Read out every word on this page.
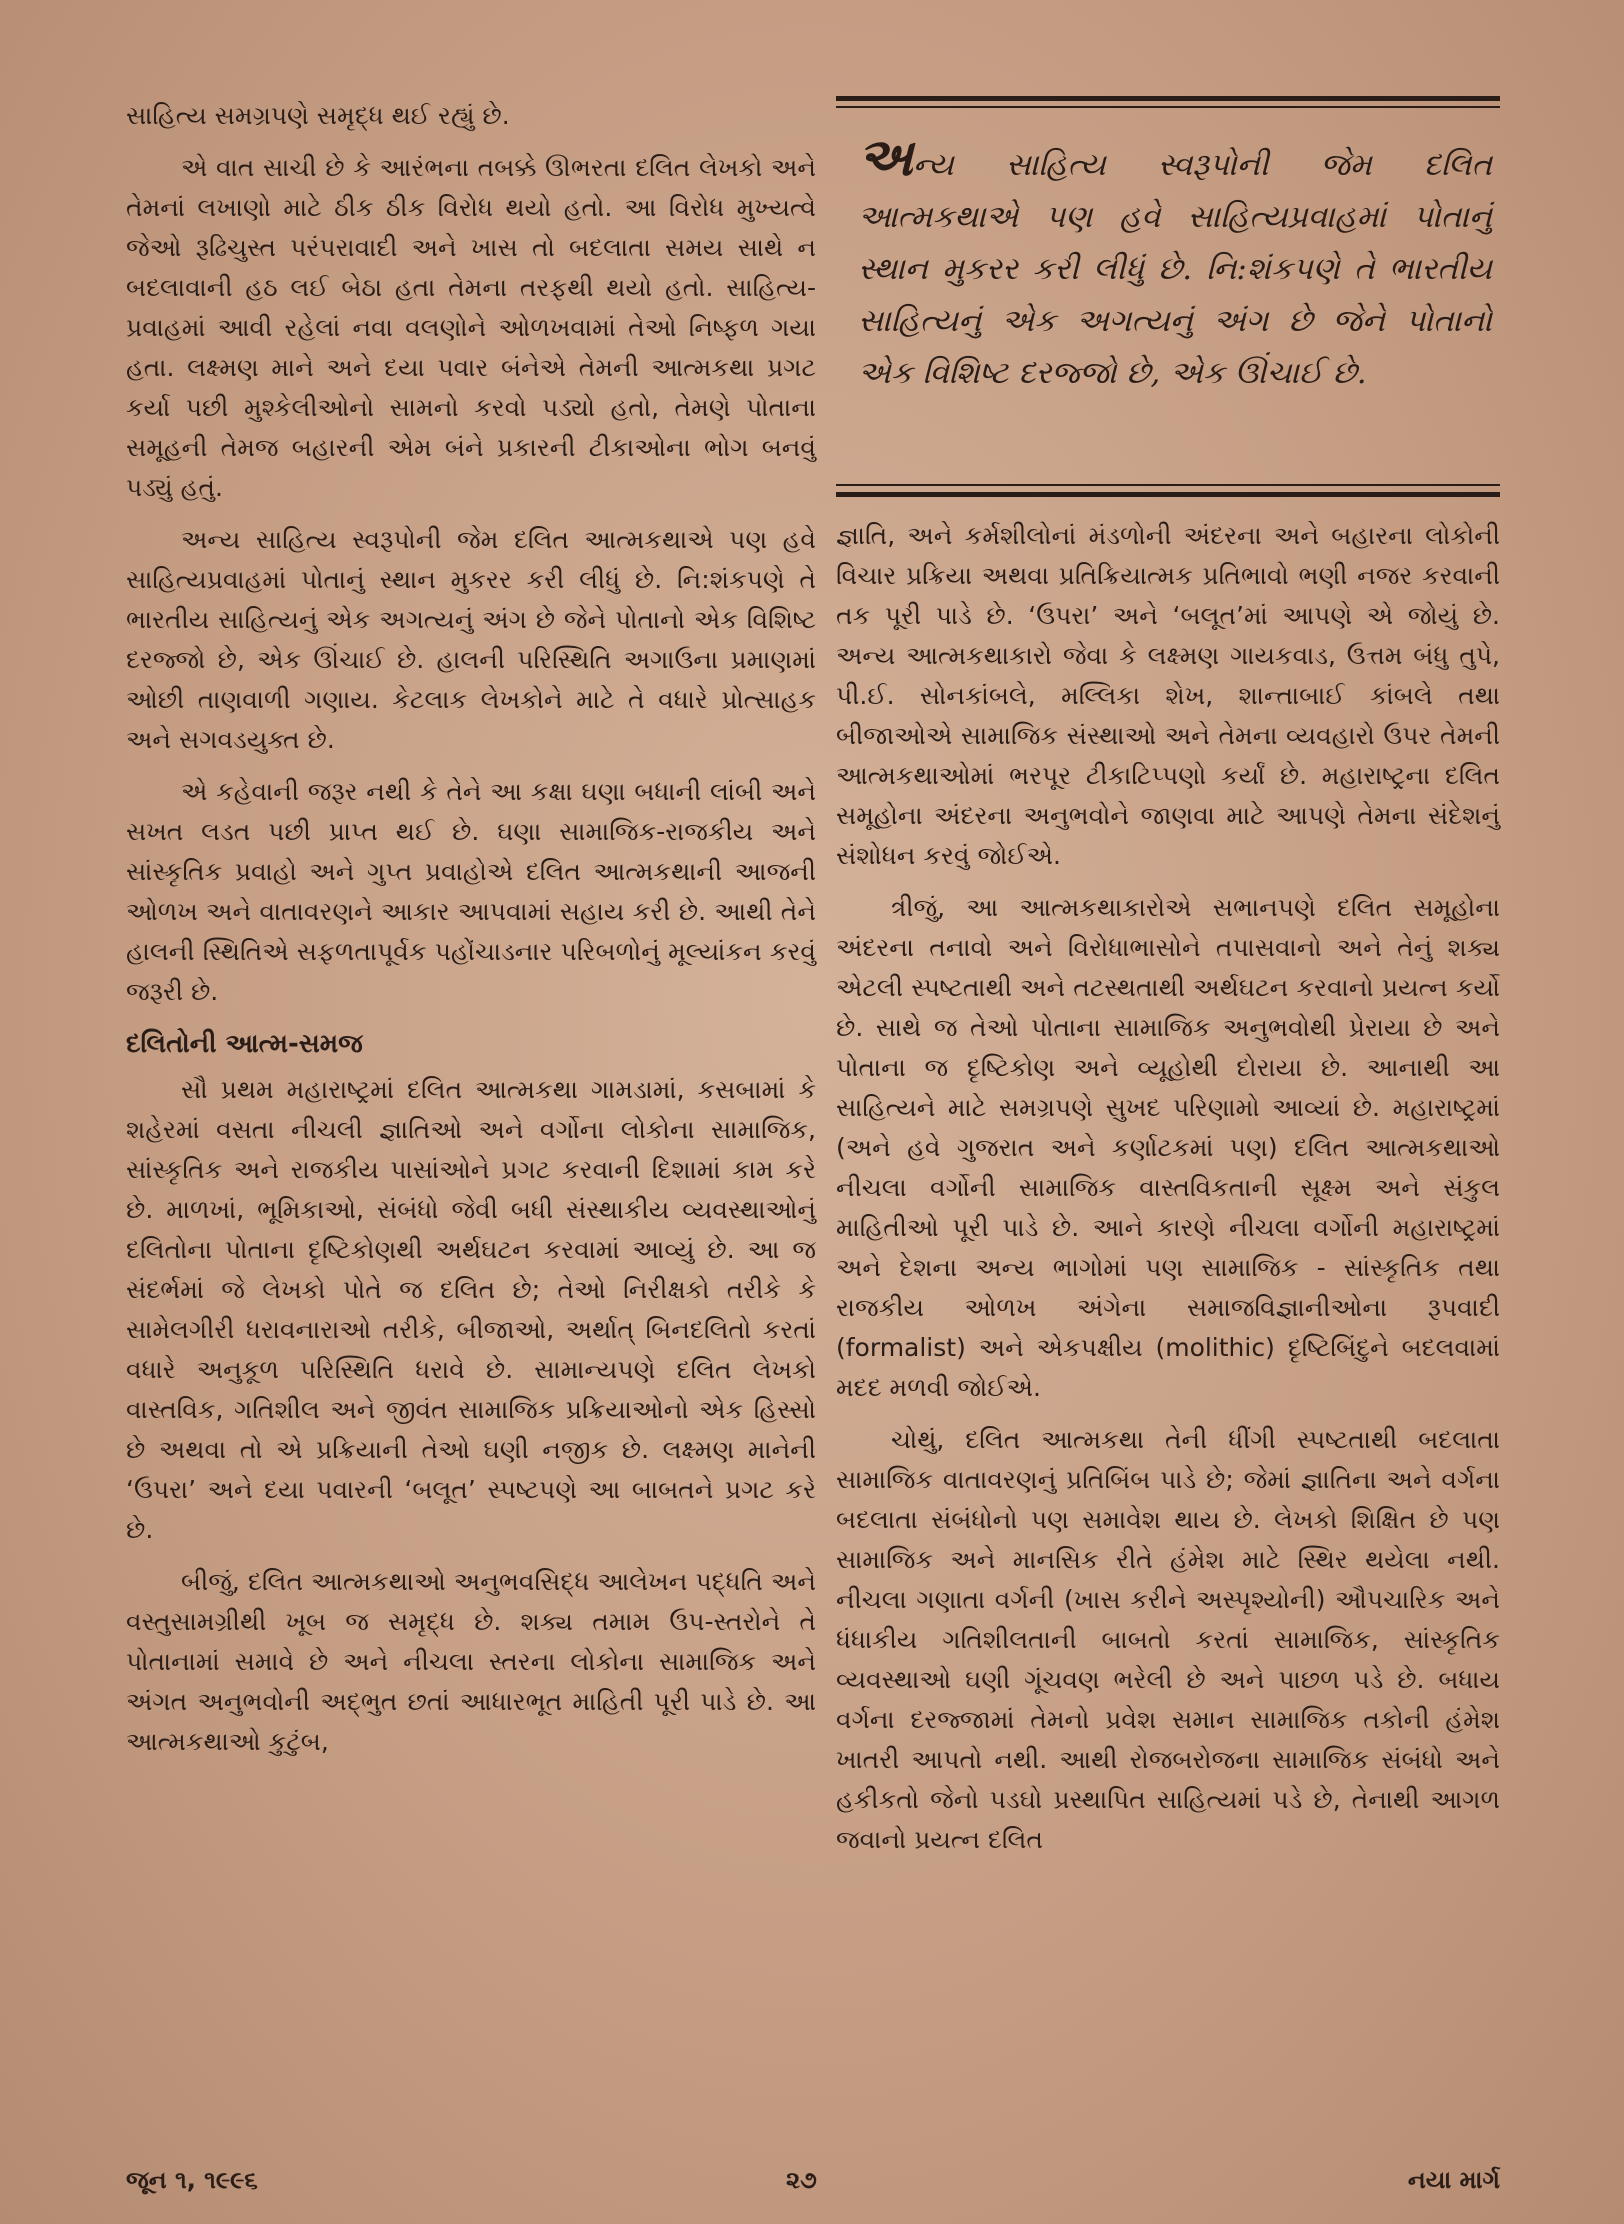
સાહિત્ય સમગ્રપણે સમૃદ્ધ થઈ રહ્યું છે.

એ વાત સાચી છે કે આરંભના તબક્કે ઊભરતા દલિત લેખકો અને તેમનાં લખાણો માટે ઠીક ઠીક વિરોધ થયો હતો. આ વિરોધ મુખ્યત્વે જેઓ રૂઢિચુસ્ત પરંપરાવાદી અને ખાસ તો બદલાતા સમય સાથે ન બદલાવાની હઠ લઈ બેઠા હતા તેમના તરફથી થયો હતો. સાહિત્ય-પ્રવાહમાં આવી રહેલાં નવા વલણોને ઓળખવામાં તેઓ નિષ્ફળ ગયા હતા. લક્ષ્મણ માને અને દયા પવાર બંનેએ તેમની આત્મકથા પ્રગટ કર્યા પછી મુશ્કેલીઓનો સામનો કરવો પડ્યો હતો, તેમણે પોતાના સમૂહની તેમજ બહારની એમ બંને પ્રકારની ટીકાઓના ભોગ બનવું પડ્યું હતું.

અન્ય સાહિત્ય સ્વરૂપોની જેમ દલિત આત્મકથાએ પણ હવે સાહિત્યપ્રવાહમાં પોતાનું સ્થાન મુકરર કરી લીધું છે. નિ:શંકપણે તે ભારતીય સાહિત્યનું એક અગત્યનું અંગ છે જેને પોતાનો એક વિશિષ્ટ દરજ્જો છે, એક ઊંચાઈ છે. હાલની પરિસ્થિતિ અગાઉના પ્રમાણમાં ઓછી તાણવાળી ગણાય. કેટલાક લેખકોને માટે તે વધારે પ્રોત્સાહક અને સગવડયુક્ત છે.

એ કહેવાની જરૂર નથી કે તેને આ કક્ષા ઘણા બધાની લાંબી અને સખત લડત પછી પ્રાપ્ત થઈ છે. ઘણા સામાજિક-રાજકીય અને સાંસ્કૃતિક પ્રવાહો અને ગુપ્ત પ્રવાહોએ દલિત આત્મકથાની આજની ઓળખ અને વાતાવરણને આકાર આપવામાં સહાય કરી છે. આથી તેને હાલની સ્થિતિએ સફળતાપૂર્વક પહોંચાડનાર પરિબળોનું મૂલ્યાંકન કરવું જરૂરી છે.

દલિતોની આત્મ-સમજ

સૌ પ્રથમ મહારાષ્ટ્રમાં દલિત આત્મકથા ગામડામાં, કસબામાં કે શહેરમાં વસતા નીચલી જ્ઞાતિઓ અને વર્ગોના લોકોના સામાજિક, સાંસ્કૃતિક અને રાજકીય પાસાંઓને પ્રગટ કરવાની દિશામાં કામ કરે છે. માળખાં, ભૂમિકાઓ, સંબંધો જેવી બધી સંસ્થાકીય વ્યવસ્થાઓનું દલિતોના પોતાના દૃષ્ટિકોણથી અર્થઘટન કરવામાં આવ્યું છે. આ જ સંદર્ભમાં જે લેખકો પોતે જ દલિત છે; તેઓ નિરીક્ષકો તરીકે કે સામેલગીરી ધરાવનારાઓ તરીકે, બીજાઓ, અર્થાત્ બિનદલિતો કરતાં વધારે અનુકૂળ પરિસ્થિતિ ધરાવે છે. સામાન્યપણે દલિત લેખકો વાસ્તવિક, ગતિશીલ અને જીવંત સામાજિક પ્રક્રિયાઓનો એક હિસ્સો છે અથવા તો એ પ્રક્રિયાની તેઓ ઘણી નજીક છે. લક્ષ્મણ માનેની ‘ઉપરા’ અને દયા પવારની ‘બલૂત’ સ્પષ્ટપણે આ બાબતને પ્રગટ કરે છે.

બીજું, દલિત આત્મકથાઓ અનુભવસિદ્ધ આલેખન પદ્ધતિ અને વસ્તુસામગ્રીથી ખૂબ જ સમૃદ્ધ છે. શક્ય તમામ ઉપ-સ્તરોને તે પોતાનામાં સમાવે છે અને નીચલા સ્તરના લોકોના સામાજિક અને અંગત અનુભવોની અદ્ભુત છતાં આધારભૂત માહિતી પૂરી પાડે છે. આ આત્મકથાઓ કુટુંબ,

અન્ય સાહિત્ય સ્વરૂપોની જેમ દલિત આત્મકથાએ પણ હવે સાહિત્યપ્રવાહમાં પોતાનું સ્થાન મુકરર કરી લીધું છે. નિ:શંકપણે તે ભારતીય સાહિત્યનું એક અગત્યનું અંગ છે જેને પોતાનો એક વિશિષ્ટ દરજ્જો છે, એક ઊંચાઈ છે.

જ્ઞાતિ, અને કર્મશીલોનાં મંડળોની અંદરના અને બહારના લોકોની વિચાર પ્રક્રિયા અથવા પ્રતિક્રિયાત્મક પ્રતિભાવો ભણી નજર કરવાની તક પૂરી પાડે છે. ‘ઉપરા’ અને ‘બલૂત’માં આપણે એ જોયું છે. અન્ય આત્મકથાકારો જેવા કે લક્ષ્મણ ગાયકવાડ, ઉત્તમ બંધુ તુપે, પી.ઈ. સોનકાંબલે, મલ્લિકા શેખ, શાન્તાબાઈ કાંબલે તથા બીજાઓએ સામાજિક સંસ્થાઓ અને તેમના વ્યવહારો ઉપર તેમની આત્મકથાઓમાં ભરપૂર ટીકાટિપ્પણો કર્યાં છે. મહારાષ્ટ્રના દલિત સમૂહોના અંદરના અનુભવોને જાણવા માટે આપણે તેમના સંદેશનું સંશોધન કરવું જોઈએ.

ત્રીજું, આ આત્મકથાકારોએ સભાનપણે દલિત સમૂહોના અંદરના તનાવો અને વિરોધાભાસોને તપાસવાનો અને તેનું શક્ય એટલી સ્પષ્ટતાથી અને તટસ્થતાથી અર્થઘટન કરવાનો પ્રયત્ન કર્યો છે. સાથે જ તેઓ પોતાના સામાજિક અનુભવોથી પ્રેરાયા છે અને પોતાના જ દૃષ્ટિકોણ અને વ્યૂહોથી દોરાયા છે. આનાથી આ સાહિત્યને માટે સમગ્રપણે સુખદ પરિણામો આવ્યાં છે. મહારાષ્ટ્રમાં (અને હવે ગુજરાત અને કર્ણાટકમાં પણ) દલિત આત્મકથાઓ નીચલા વર્ગોની સામાજિક વાસ્તવિકતાની સૂક્ષ્મ અને સંકુલ માહિતીઓ પૂરી પાડે છે. આને કારણે નીચલા વર્ગોની મહારાષ્ટ્રમાં અને દેશના અન્ય ભાગોમાં પણ સામાજિક - સાંસ્કૃતિક તથા રાજકીય ઓળખ અંગેના સમાજવિજ્ઞાનીઓના રૂપવાદી (formalist) અને એકપક્ષીય (molithic) દૃષ્ટિબિંદુને બદલવામાં મદદ મળવી જોઈએ.

ચોથું, દલિત આત્મકથા તેની ધીંગી સ્પષ્ટતાથી બદલાતા સામાજિક વાતાવરણનું પ્રતિબિંબ પાડે છે; જેમાં જ્ઞાતિના અને વર્ગના બદલાતા સંબંધોનો પણ સમાવેશ થાય છે. લેખકો શિક્ષિત છે પણ સામાજિક અને માનસિક રીતે હંમેશ માટે સ્થિર થયેલા નથી. નીચલા ગણાતા વર્ગની (ખાસ કરીને અસ્પૃશ્યોની) ઔપચારિક અને ધંધાકીય ગતિશીલતાની બાબતો કરતાં સામાજિક, સાંસ્કૃતિક વ્યવસ્થાઓ ઘણી ગૂંચવણ ભરેલી છે અને પાછળ પડે છે. બધાય વર્ગના દરજ્જામાં તેમનો પ્રવેશ સમાન સામાજિક તકોની હંમેશ ખાતરી આપતો નથી. આથી રોજબરોજના સામાજિક સંબંધો અને હકીકતો જેનો પડઘો પ્રસ્થાપિત સાહિત્યમાં પડે છે, તેનાથી આગળ જવાનો પ્રયત્ન દલિત

જૂન ૧, ૧૯૯૬	૨૭	નયા માર્ગ
